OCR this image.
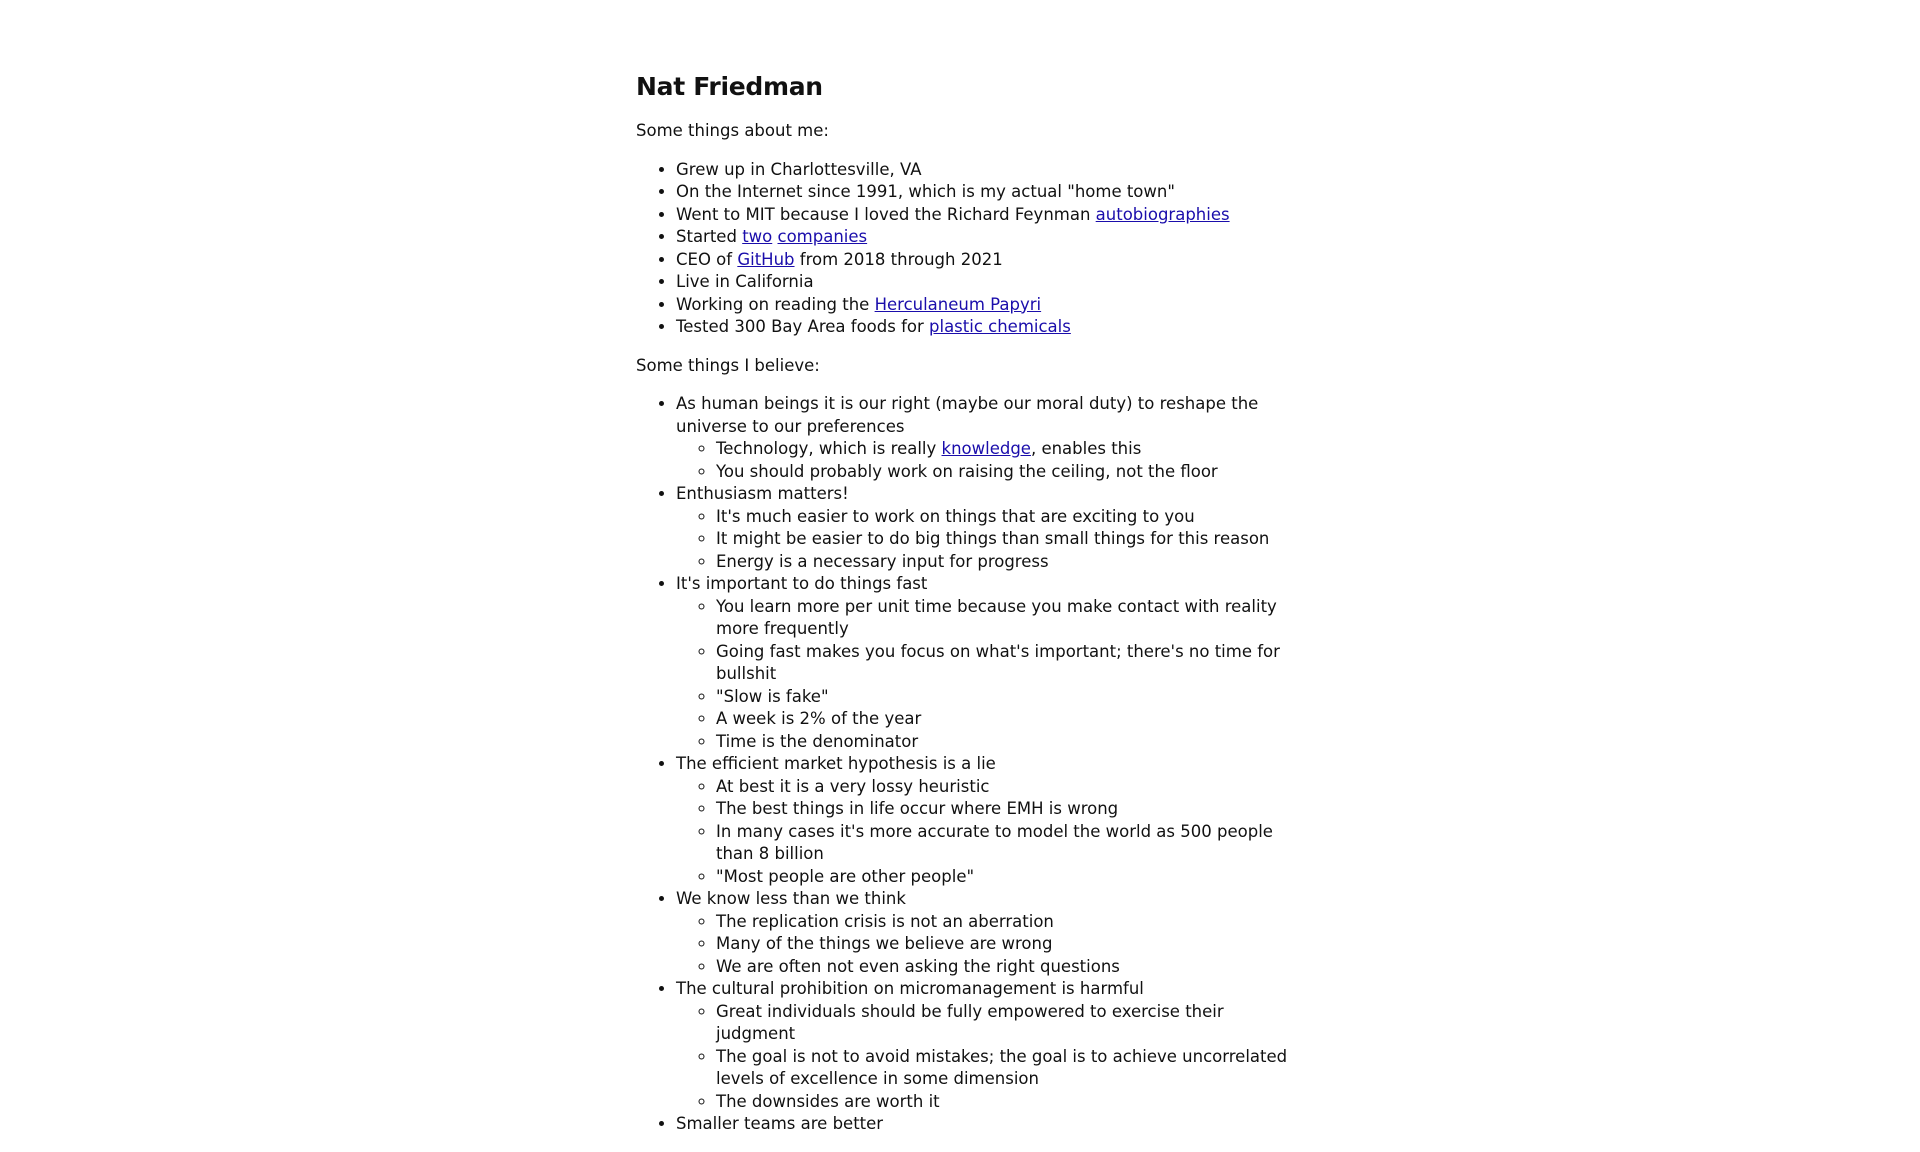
Nat Friedman

Some things about me:

• Grew up in Charlottesville, VA
• On the Internet since 1991, which is my actual "home town"
• Went to MIT because I loved the Richard Feynman autobiographies
• Started two companies
• CEO of GitHub from 2018 through 2021
• Live in California
• Working on reading the Herculaneum Papyri
• Tested 300 Bay Area foods for plastic chemicals

Some things I believe:

• As human beings it is our right (maybe our moral duty) to reshape the universe to our preferences
◦ Technology, which is really knowledge, enables this
◦ You should probably work on raising the ceiling, not the floor
• Enthusiasm matters!
◦ It's much easier to work on things that are exciting to you
◦ It might be easier to do big things than small things for this reason
◦ Energy is a necessary input for progress
• It's important to do things fast
◦ You learn more per unit time because you make contact with reality more frequently
◦ Going fast makes you focus on what's important; there's no time for bullshit
◦ "Slow is fake"
◦ A week is 2% of the year
◦ Time is the denominator
• The efficient market hypothesis is a lie
◦ At best it is a very lossy heuristic
◦ The best things in life occur where EMH is wrong
◦ In many cases it's more accurate to model the world as 500 people than 8 billion
◦ "Most people are other people"
• We know less than we think
◦ The replication crisis is not an aberration
◦ Many of the things we believe are wrong
◦ We are often not even asking the right questions
• The cultural prohibition on micromanagement is harmful
◦ Great individuals should be fully empowered to exercise their judgment
◦ The goal is not to avoid mistakes; the goal is to achieve uncorrelated levels of excellence in some dimension
◦ The downsides are worth it
• Smaller teams are better
